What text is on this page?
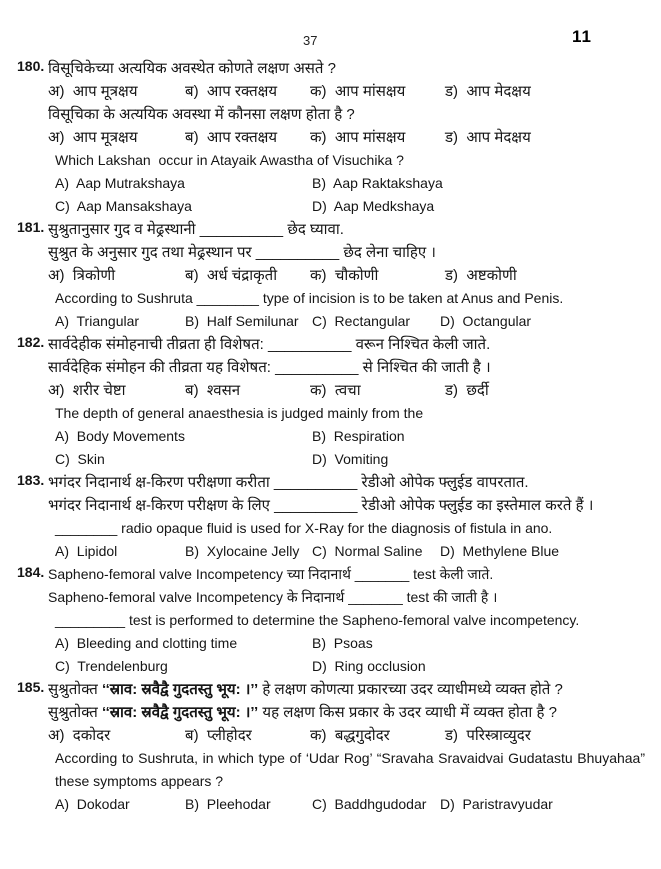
37	11
180. विसूचिकेच्या अत्ययिक अवस्थेत कोणते लक्षण असते ?
अ)  आप मूत्रक्षय	ब)  आप रक्तक्षय	क)  आप मांसक्षय	ड)  आप मेदक्षय
विसूचिका के अत्ययिक अवस्था में कौनसा लक्षण होता है ?
अ)  आप मूत्रक्षय	ब)  आप रक्तक्षय	क)  आप मांसक्षय	ड)  आप मेदक्षय
Which Lakshan  occur in Atayaik Awastha of Visuchika ?
A)  Aap Mutrakshaya	B)  Aap Raktakshaya
C)  Aap Mansakshaya	D)  Aap Medkshaya
181. सुश्रुतानुसार गुद व मेढ्रस्थानी __________ छेद घ्यावा.
सुश्रुत के अनुसार गुद तथा मेढ्रस्थान पर __________ छेद लेना चाहिए ।
अ)  त्रिकोणी	ब)  अर्ध चंद्राकृती	क)  चौकोणी	ड)  अष्टकोणी
According to Sushruta ________ type of incision is to be taken at Anus and Penis.
A)  Triangular	B)  Half Semilunar C)  Rectangular	D)  Octangular
182. सार्वदेहीक संमोहनाची तीव्रता ही विशेषत: __________ वरून निश्चित केली जाते.
सार्वदेहिक संमोहन की तीव्रता यह विशेषत: __________ से निश्चित की जाती है ।
अ)  शरीर चेष्टा	ब)  श्वसन	क)  त्वचा	ड)  छर्दी
The depth of general anaesthesia is judged mainly from the
A)  Body Movements	B)  Respiration
C)  Skin	D)  Vomiting
183. भगंदर निदानार्थ क्ष-किरण परीक्षणा करीता __________ रेडीओ ओपेक फ्लुईड वापरतात.
भगंदर निदानार्थ क्ष-किरण परीक्षण के लिए __________ रेडीओ ओपेक फ्लुईड का इस्तेमाल करते हैं ।
________ radio opaque fluid is used for X-Ray for the diagnosis of fistula in ano.
A)  Lipidol	B)  Xylocaine Jelly C)  Normal Saline	D)  Methylene Blue
184. Sapheno-femoral valve Incompetency च्या निदानार्थ _______ test केली जाते.
Sapheno-femoral valve Incompetency के निदानार्थ _______ test की जाती है ।
_________ test is performed to determine the Sapheno-femoral valve incompetency.
A)  Bleeding and clotting time	B)  Psoas
C)  Trendelenburg	D)  Ring occlusion
185. सुश्रुतोक्त ‘‘स्राव: स्रवैद्वै गुदतस्तु भूय: ।’’ हे लक्षण कोणत्या प्रकारच्या उदर व्याधीमध्ये व्यक्त होते ?
सुश्रुतोक्त ‘‘स्राव: स्रवैद्वै गुदतस्तु भूय: ।’’ यह लक्षण किस प्रकार के उदर व्याधी में व्यक्त होता है ?
अ)  दकोदर	ब)  प्लीहोदर	क)  बद्धगुदोदर	ड)  परिस्त्राव्युदर
According to Sushruta, in which type of ‘Udar Rog’ “Sravaha Sravaidvai Gudatastu Bhuyahaa” these symptoms appears ?
A)  Dokodar	B)  Pleehodar	C)  Baddhgudodar D)  Paristravyudar
